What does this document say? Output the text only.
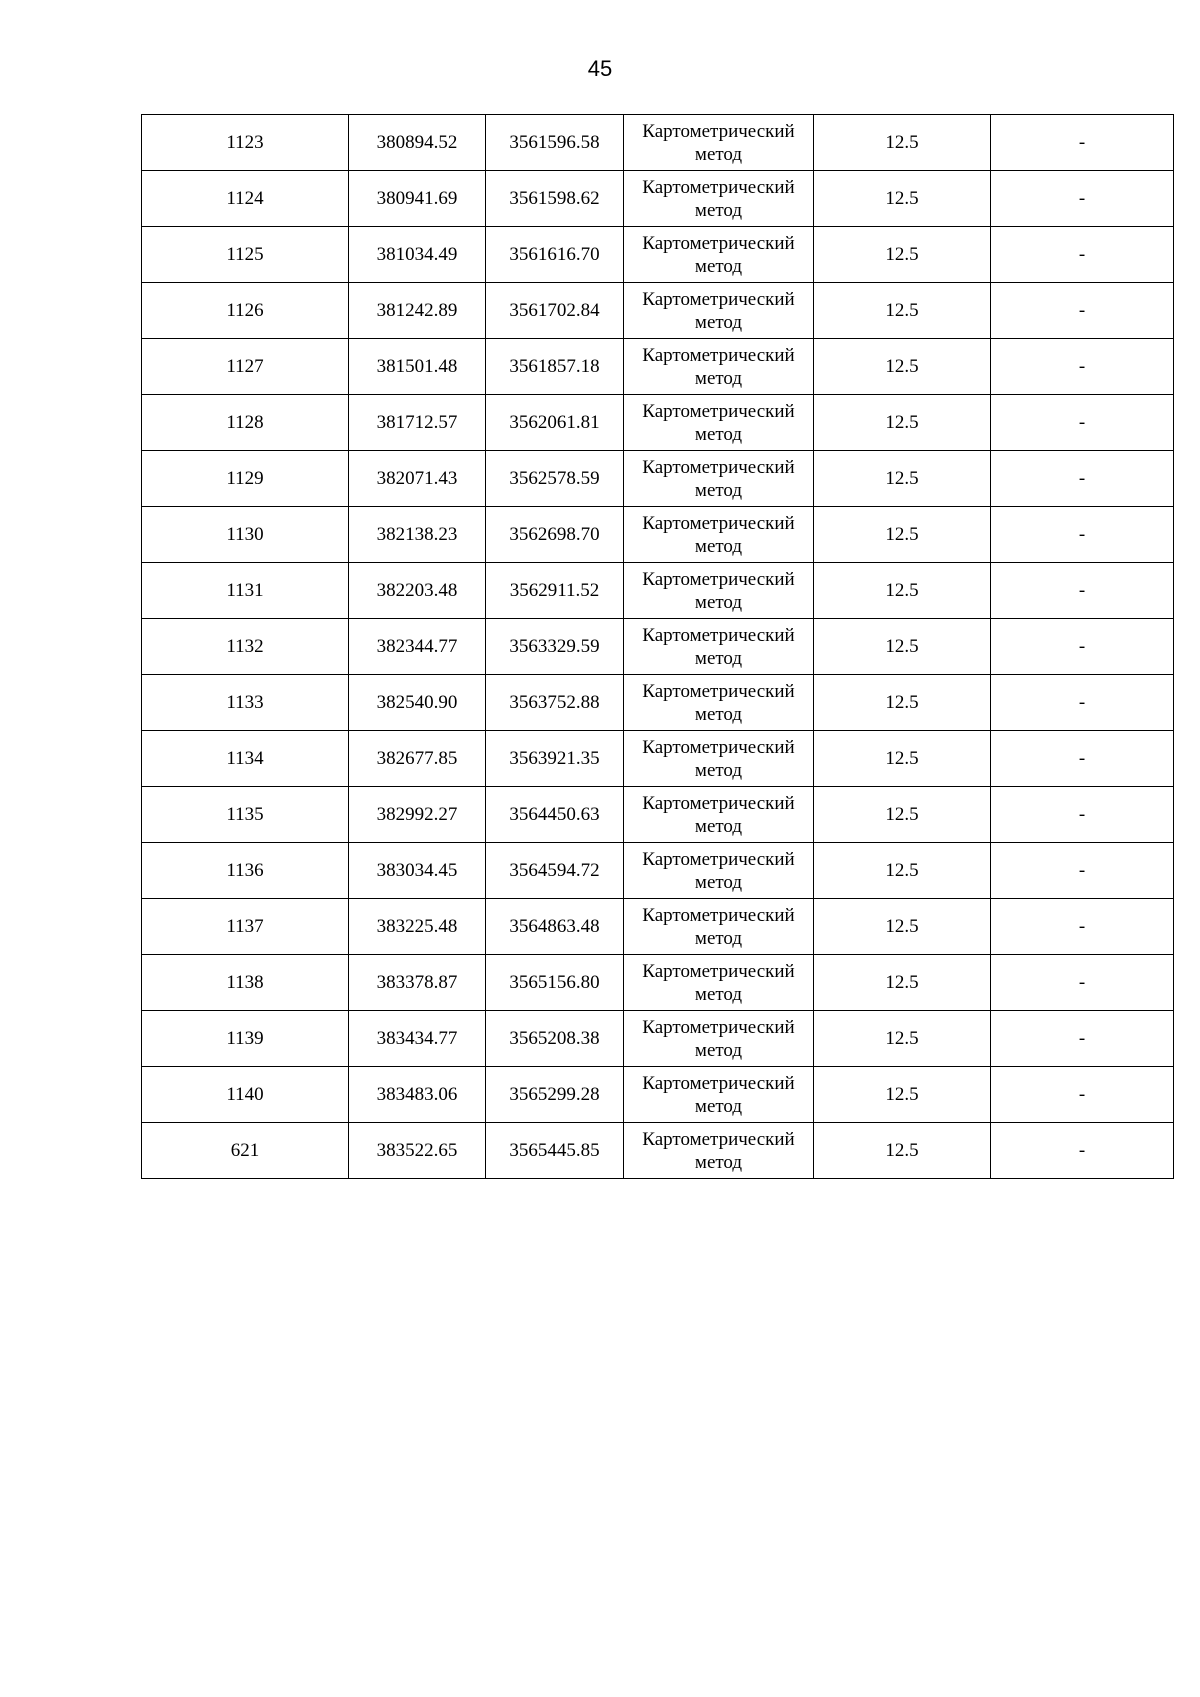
45
1123	380894.52	3561596.58	Картометрический метод	12.5	-
1124	380941.69	3561598.62	Картометрический метод	12.5	-
1125	381034.49	3561616.70	Картометрический метод	12.5	-
1126	381242.89	3561702.84	Картометрический метод	12.5	-
1127	381501.48	3561857.18	Картометрический метод	12.5	-
1128	381712.57	3562061.81	Картометрический метод	12.5	-
1129	382071.43	3562578.59	Картометрический метод	12.5	-
1130	382138.23	3562698.70	Картометрический метод	12.5	-
1131	382203.48	3562911.52	Картометрический метод	12.5	-
1132	382344.77	3563329.59	Картометрический метод	12.5	-
1133	382540.90	3563752.88	Картометрический метод	12.5	-
1134	382677.85	3563921.35	Картометрический метод	12.5	-
1135	382992.27	3564450.63	Картометрический метод	12.5	-
1136	383034.45	3564594.72	Картометрический метод	12.5	-
1137	383225.48	3564863.48	Картометрический метод	12.5	-
1138	383378.87	3565156.80	Картометрический метод	12.5	-
1139	383434.77	3565208.38	Картометрический метод	12.5	-
1140	383483.06	3565299.28	Картометрический метод	12.5	-
621	383522.65	3565445.85	Картометрический метод	12.5	-
